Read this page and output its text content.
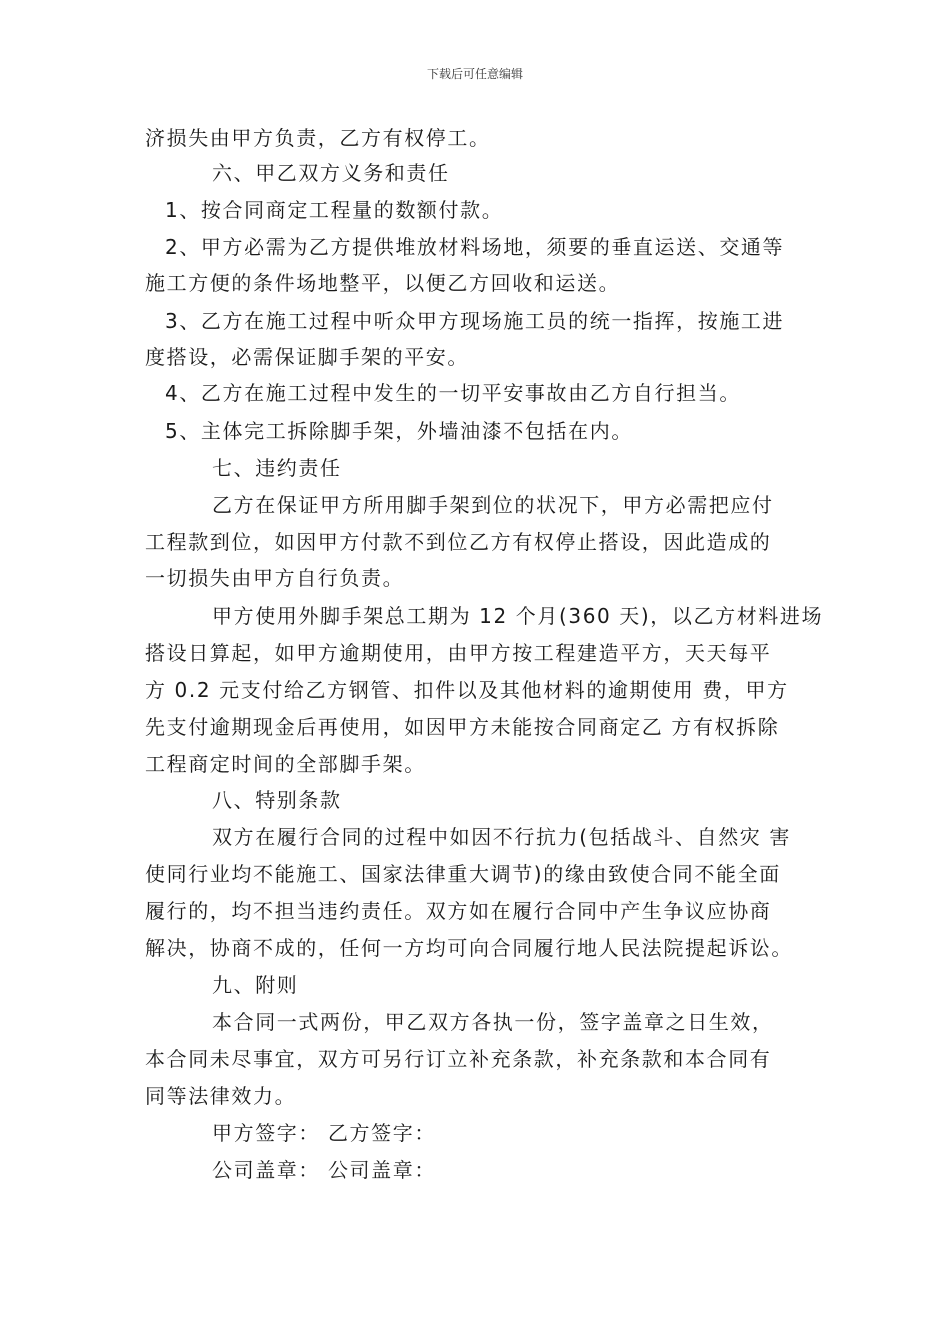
下载后可任意编辑
济损失由甲方负责，乙方有权停工。
六、甲乙双方义务和责任
1、按合同商定工程量的数额付款。
2、甲方必需为乙方提供堆放材料场地，须要的垂直运送、交通等
施工方便的条件场地整平，以便乙方回收和运送。
3、乙方在施工过程中听众甲方现场施工员的统一指挥，按施工进
度搭设，必需保证脚手架的平安。
4、乙方在施工过程中发生的一切平安事故由乙方自行担当。
5、主体完工拆除脚手架，外墙油漆不包括在内。
七、违约责任
乙方在保证甲方所用脚手架到位的状况下，甲方必需把应付
工程款到位，如因甲方付款不到位乙方有权停止搭设，因此造成的
一切损失由甲方自行负责。
甲方使用外脚手架总工期为 12 个月(360 天)，以乙方材料进场
搭设日算起，如甲方逾期使用，由甲方按工程建造平方，天天每平
方 0.2 元支付给乙方钢管、扣件以及其他材料的逾期使用 费，甲方
先支付逾期现金后再使用，如因甲方未能按合同商定乙 方有权拆除
工程商定时间的全部脚手架。
八、特别条款
双方在履行合同的过程中如因不行抗力(包括战斗、自然灾 害
使同行业均不能施工、国家法律重大调节)的缘由致使合同不能全面
履行的，均不担当违约责任。双方如在履行合同中产生争议应协商
解决，协商不成的，任何一方均可向合同履行地人民法院提起诉讼。
九、附则
本合同一式两份，甲乙双方各执一份，签字盖章之日生效，
本合同未尽事宜，双方可另行订立补充条款，补充条款和本合同有
同等法律效力。
甲方签字： 乙方签字：
公司盖章： 公司盖章：
